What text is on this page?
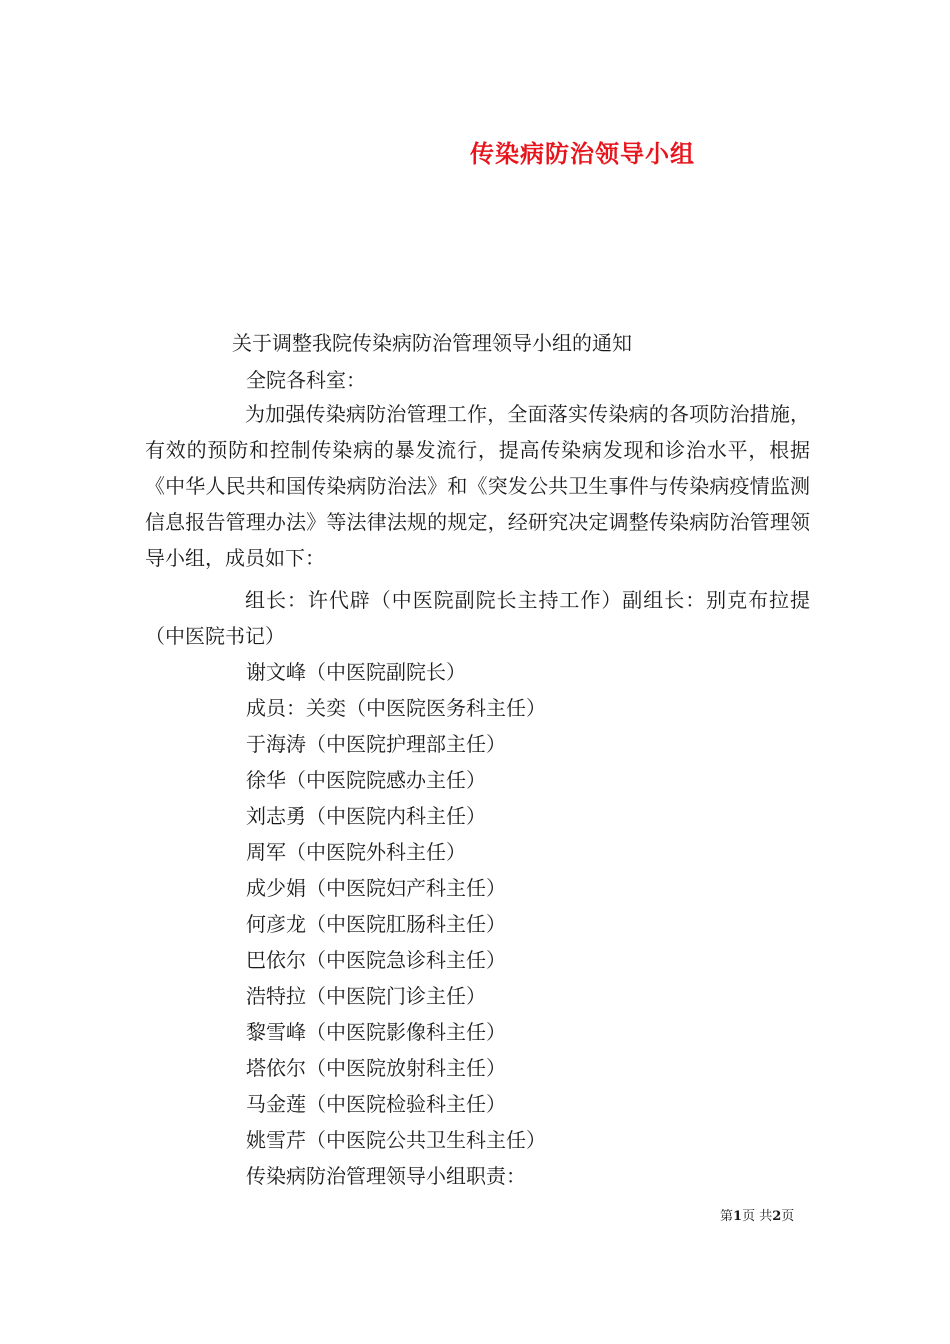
传染病防治领导小组
关于调整我院传染病防治管理领导小组的通知
全院各科室：

为加强传染病防治管理工作，全面落实传染病的各项防治措施，有效的预防和控制传染病的暴发流行，提高传染病发现和诊治水平，根据《中华人民共和国传染病防治法》和《突发公共卫生事件与传染病疫情监测信息报告管理办法》等法律法规的规定，经研究决定调整传染病防治管理领导小组，成员如下：

组长：许代辟（中医院副院长主持工作）副组长：别克布拉提（中医院书记）

谢文峰（中医院副院长）
成员：关奕（中医院医务科主任）
于海涛（中医院护理部主任）
徐华（中医院院感办主任）
刘志勇（中医院内科主任）
周军（中医院外科主任）
成少娟（中医院妇产科主任）
何彦龙（中医院肛肠科主任）
巴依尔（中医院急诊科主任）
浩特拉（中医院门诊主任）
黎雪峰（中医院影像科主任）
塔依尔（中医院放射科主任）
马金莲（中医院检验科主任）
姚雪芹（中医院公共卫生科主任）
传染病防治管理领导小组职责：
第1页 共2页
